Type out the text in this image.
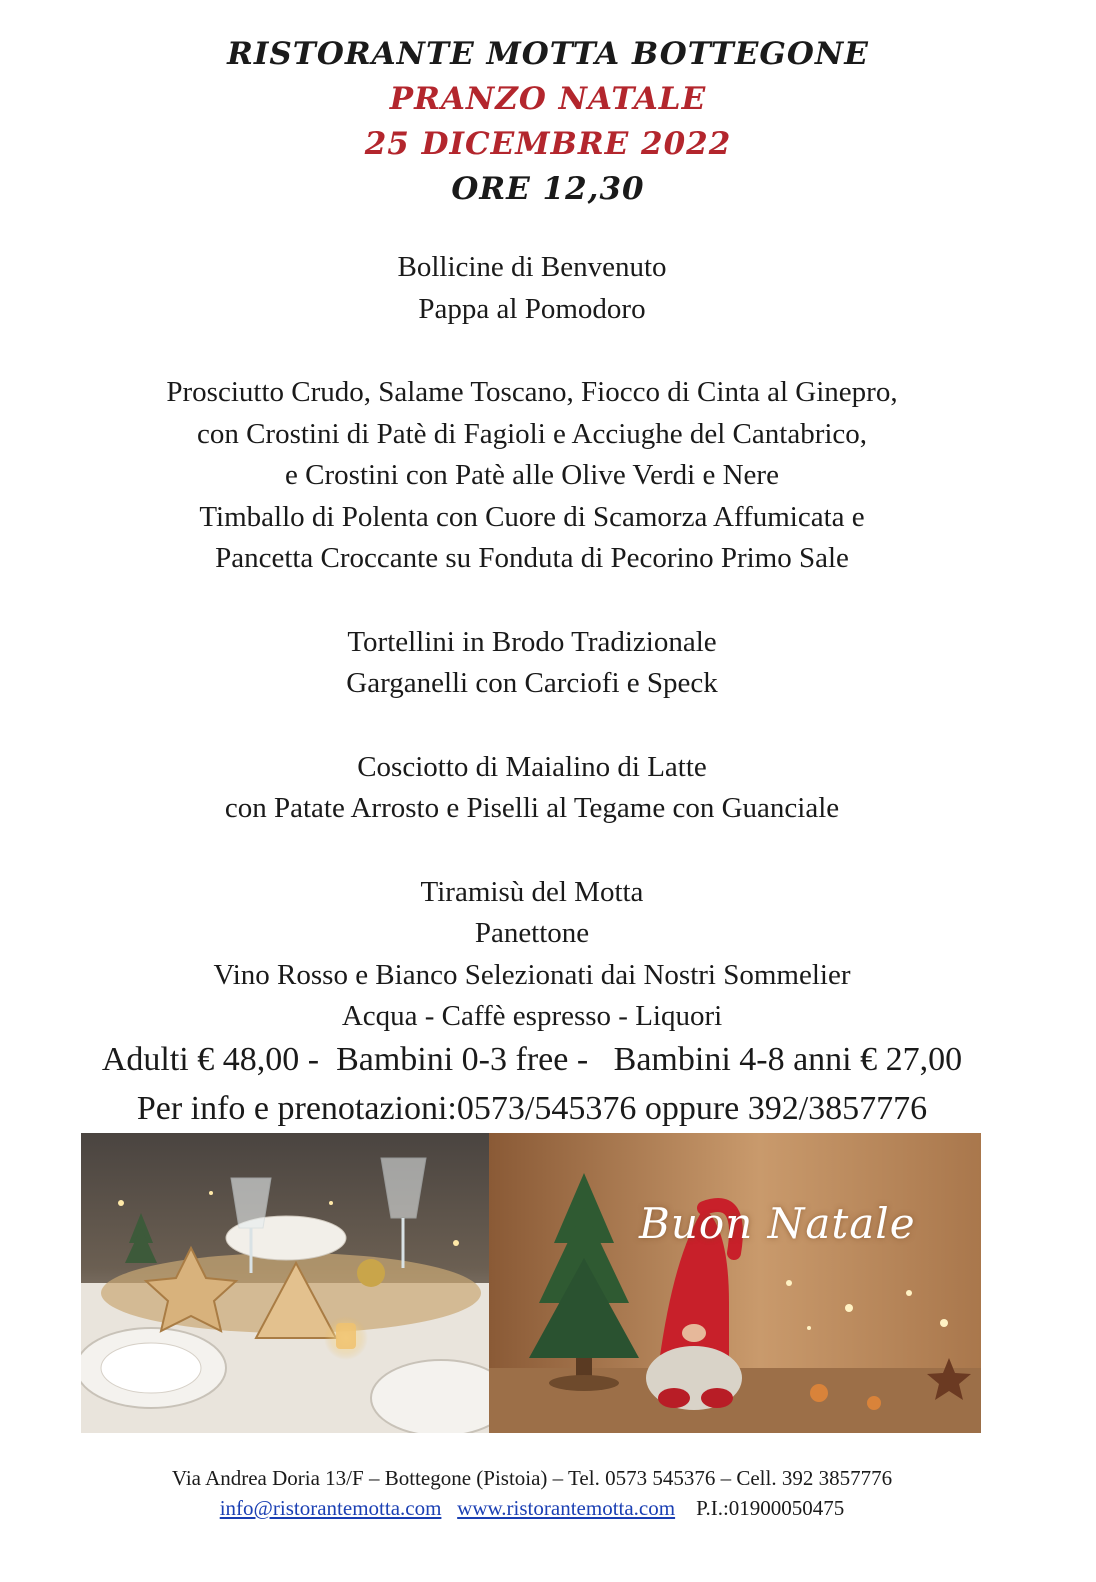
RISTORANTE MOTTA BOTTEGONE
PRANZO NATALE
25 DICEMBRE 2022
ORE 12,30
Bollicine di Benvenuto
Pappa al Pomodoro
Prosciutto Crudo, Salame Toscano, Fiocco di Cinta al Ginepro,
con Crostini di Patè di Fagioli e Acciughe del Cantabrico,
e Crostini con Patè alle Olive Verdi e Nere
Timballo di Polenta con Cuore di Scamorza Affumicata e
Pancetta Croccante su Fonduta di Pecorino Primo Sale
Tortellini in Brodo Tradizionale
Garganelli con Carciofi e Speck
Cosciotto di Maialino di Latte
con Patate Arrosto e Piselli al Tegame con Guanciale
Tiramisù del Motta
Panettone
Vino Rosso e Bianco Selezionati dai Nostri Sommelier
Acqua - Caffè espresso - Liquori
Adulti € 48,00 -  Bambini 0-3 free -   Bambini 4-8 anni € 27,00
Per info e prenotazioni:0573/545376 oppure 392/3857776
Buon Natale
Via Andrea Doria 13/F – Bottegone (Pistoia) – Tel. 0573 545376 – Cell. 392 3857776
info@ristorantemotta.com www.ristorantemotta.com P.I.:01900050475
